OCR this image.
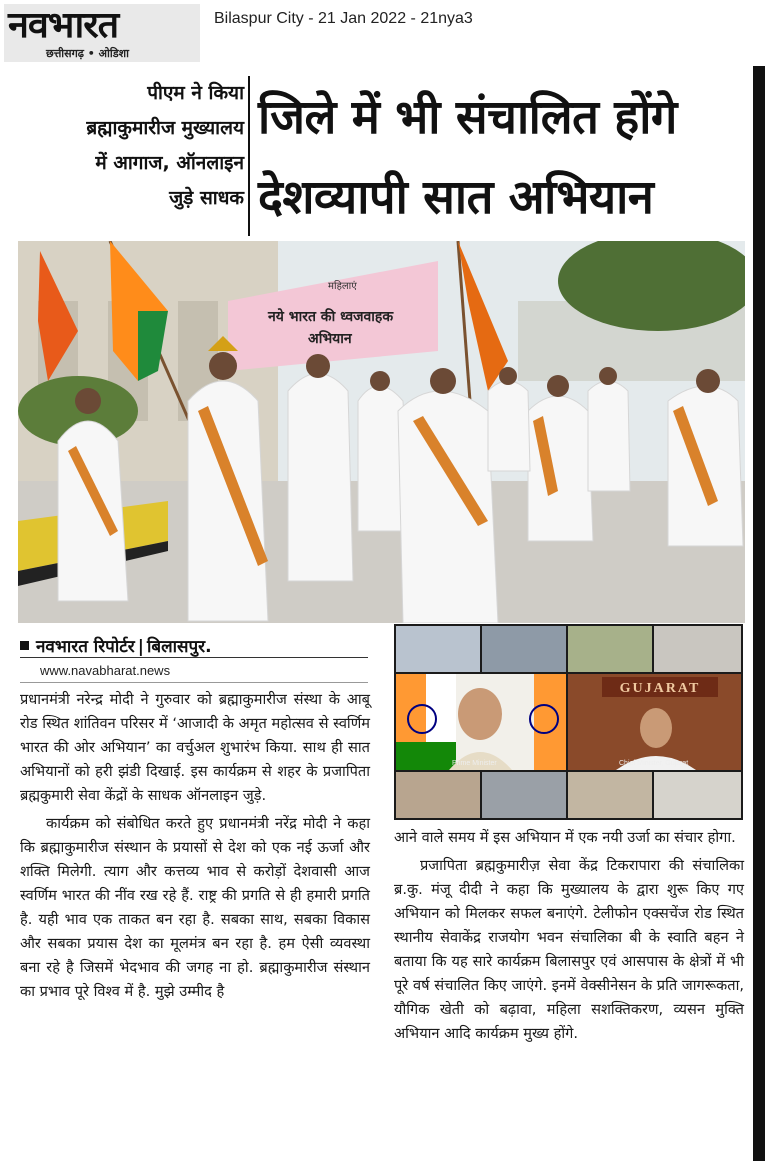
नवभारत
छत्तीसगढ़ • ओडिशा
Bilaspur City - 21 Jan 2022 - 21nya3
पीएम ने किया
ब्रह्माकुमारीज मुख्यालय
में आगाज, ऑनलाइन
जुड़े साधक
जिले में भी संचालित होंगे
देशव्यापी सात अभियान
महिलाएं
नये भारत की ध्वजवाहक
अभियान
नवभारत रिपोर्टर | बिलासपुर.
www.navabharat.news

प्रधानमंत्री नरेन्द्र मोदी ने गुरुवार को ब्रह्माकुमारीज संस्था के आबू रोड स्थित शांतिवन परिसर में ‘आजादी के अमृत महोत्सव से स्वर्णिम भारत की ओर अभियान’ का वर्चुअल शुभारंभ किया. साथ ही सात अभियानों को हरी झंडी दिखाई. इस कार्यक्रम से शहर के प्रजापिता ब्रह्मकुमारी सेवा केंद्रों के साधक ऑनलाइन जुड़े.

कार्यक्रम को संबोधित करते हुए प्रधानमंत्री नरेंद्र मोदी ने कहा कि ब्रह्माकुमारीज संस्थान के प्रयासों से देश को एक नई ऊर्जा और शक्ति मिलेगी. त्याग और कत्तव्य भाव से करोड़ों देशवासी आज स्वर्णिम भारत की नींव रख रहे हैं. राष्ट्र की प्रगति से ही हमारी प्रगति है. यही भाव एक ताकत बन रहा है. सबका साथ, सबका विकास और सबका प्रयास देश का मूलमंत्र बन रहा है. हम ऐसी व्यवस्था बना रहे है जिसमें भेदभाव की जगह ना हो. ब्रह्माकुमारीज संस्थान का प्रभाव पूरे विश्व में है. मुझे उम्मीद है

Prime Minister
GUJARAT
Chief Minister, Gujarat

आने वाले समय में इस अभियान में एक नयी उर्जा का संचार होगा.

प्रजापिता ब्रह्मकुमारीज़ सेवा केंद्र टिकरापारा की संचालिका ब्र.कु. मंजू दीदी ने कहा कि मुख्यालय के द्वारा शुरू किए गए अभियान को मिलकर सफल बनाएंगे. टेलीफोन एक्सचेंज रोड स्थित स्थानीय सेवाकेंद्र राजयोग भवन संचालिका बी के स्वाति बहन ने बताया कि यह सारे कार्यक्रम बिलासपुर एवं आसपास के क्षेत्रों में भी पूरे वर्ष संचालित किए जाएंगे. इनमें वेक्सीनेसन के प्रति जागरूकता, यौगिक खेती को बढ़ावा, महिला सशक्तिकरण, व्यसन मुक्ति अभियान आदि कार्यक्रम मुख्य होंगे.
